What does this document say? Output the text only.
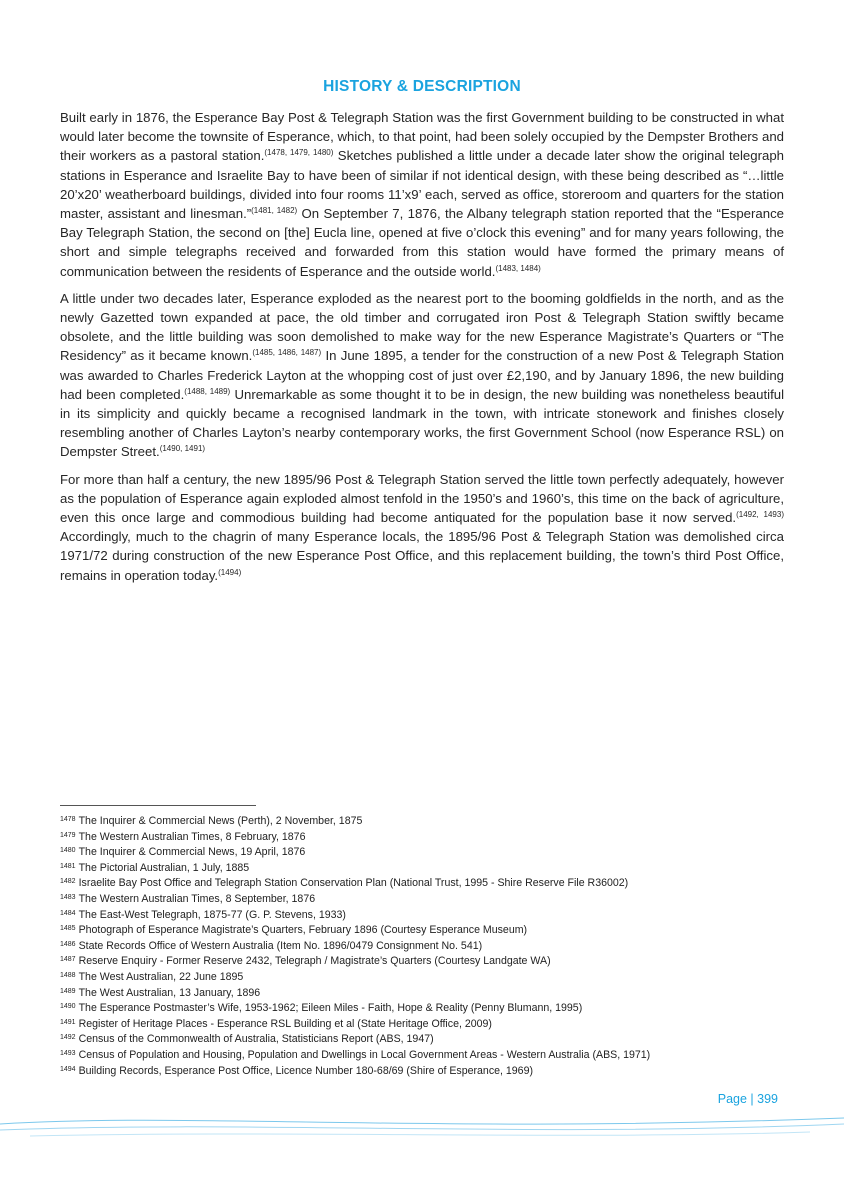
HISTORY & DESCRIPTION

Built early in 1876, the Esperance Bay Post & Telegraph Station was the first Government building to be constructed in what would later become the townsite of Esperance, which, to that point, had been solely occupied by the Dempster Brothers and their workers as a pastoral station.$^{(1478, 1479, 1480)}$ Sketches published a little under a decade later show the original telegraph stations in Esperance and Israelite Bay to have been of similar if not identical design, with these being described as “…little 20’x20’ weatherboard buildings, divided into four rooms 11’x9’ each, served as office, storeroom and quarters for the station master, assistant and linesman.”$^{(1481, 1482)}$ On September 7, 1876, the Albany telegraph station reported that the “Esperance Bay Telegraph Station, the second on [the] Eucla line, opened at five o’clock this evening” and for many years following, the short and simple telegraphs received and forwarded from this station would have formed the primary means of communication between the residents of Esperance and the outside world.$^{(1483, 1484)}$

A little under two decades later, Esperance exploded as the nearest port to the booming goldfields in the north, and as the newly Gazetted town expanded at pace, the old timber and corrugated iron Post & Telegraph Station swiftly became obsolete, and the little building was soon demolished to make way for the new Esperance Magistrate’s Quarters or “The Residency” as it became known.$^{(1485, 1486, 1487)}$ In June 1895, a tender for the construction of a new Post & Telegraph Station was awarded to Charles Frederick Layton at the whopping cost of just over £2,190, and by January 1896, the new building had been completed.$^{(1488, 1489)}$ Unremarkable as some thought it to be in design, the new building was nonetheless beautiful in its simplicity and quickly became a recognised landmark in the town, with intricate stonework and finishes closely resembling another of Charles Layton’s nearby contemporary works, the first Government School (now Esperance RSL) on Dempster Street.$^{(1490, 1491)}$

For more than half a century, the new 1895/96 Post & Telegraph Station served the little town perfectly adequately, however as the population of Esperance again exploded almost tenfold in the 1950’s and 1960’s, this time on the back of agriculture, even this once large and commodious building had become antiquated for the population base it now served.$^{(1492, 1493)}$ Accordingly, much to the chagrin of many Esperance locals, the 1895/96 Post & Telegraph Station was demolished circa 1971/72 during construction of the new Esperance Post Office, and this replacement building, the town’s third Post Office, remains in operation today.$^{(1494)}$

$^{1478}$ The Inquirer & Commercial News (Perth), 2 November, 1875
$^{1479}$ The Western Australian Times, 8 February, 1876
$^{1480}$ The Inquirer & Commercial News, 19 April, 1876
$^{1481}$ The Pictorial Australian, 1 July, 1885
$^{1482}$ Israelite Bay Post Office and Telegraph Station Conservation Plan (National Trust, 1995 - Shire Reserve File R36002)
$^{1483}$ The Western Australian Times, 8 September, 1876
$^{1484}$ The East-West Telegraph, 1875-77 (G. P. Stevens, 1933)
$^{1485}$ Photograph of Esperance Magistrate’s Quarters, February 1896 (Courtesy Esperance Museum)
$^{1486}$ State Records Office of Western Australia (Item No. 1896/0479 Consignment No. 541)
$^{1487}$ Reserve Enquiry - Former Reserve 2432, Telegraph / Magistrate’s Quarters (Courtesy Landgate WA)
$^{1488}$ The West Australian, 22 June 1895
$^{1489}$ The West Australian, 13 January, 1896
$^{1490}$ The Esperance Postmaster’s Wife, 1953-1962; Eileen Miles - Faith, Hope & Reality (Penny Blumann, 1995)
$^{1491}$ Register of Heritage Places - Esperance RSL Building et al (State Heritage Office, 2009)
$^{1492}$ Census of the Commonwealth of Australia, Statisticians Report (ABS, 1947)
$^{1493}$ Census of Population and Housing, Population and Dwellings in Local Government Areas - Western Australia (ABS, 1971)
$^{1494}$ Building Records, Esperance Post Office, Licence Number 180-68/69 (Shire of Esperance, 1969)
Page | 399
